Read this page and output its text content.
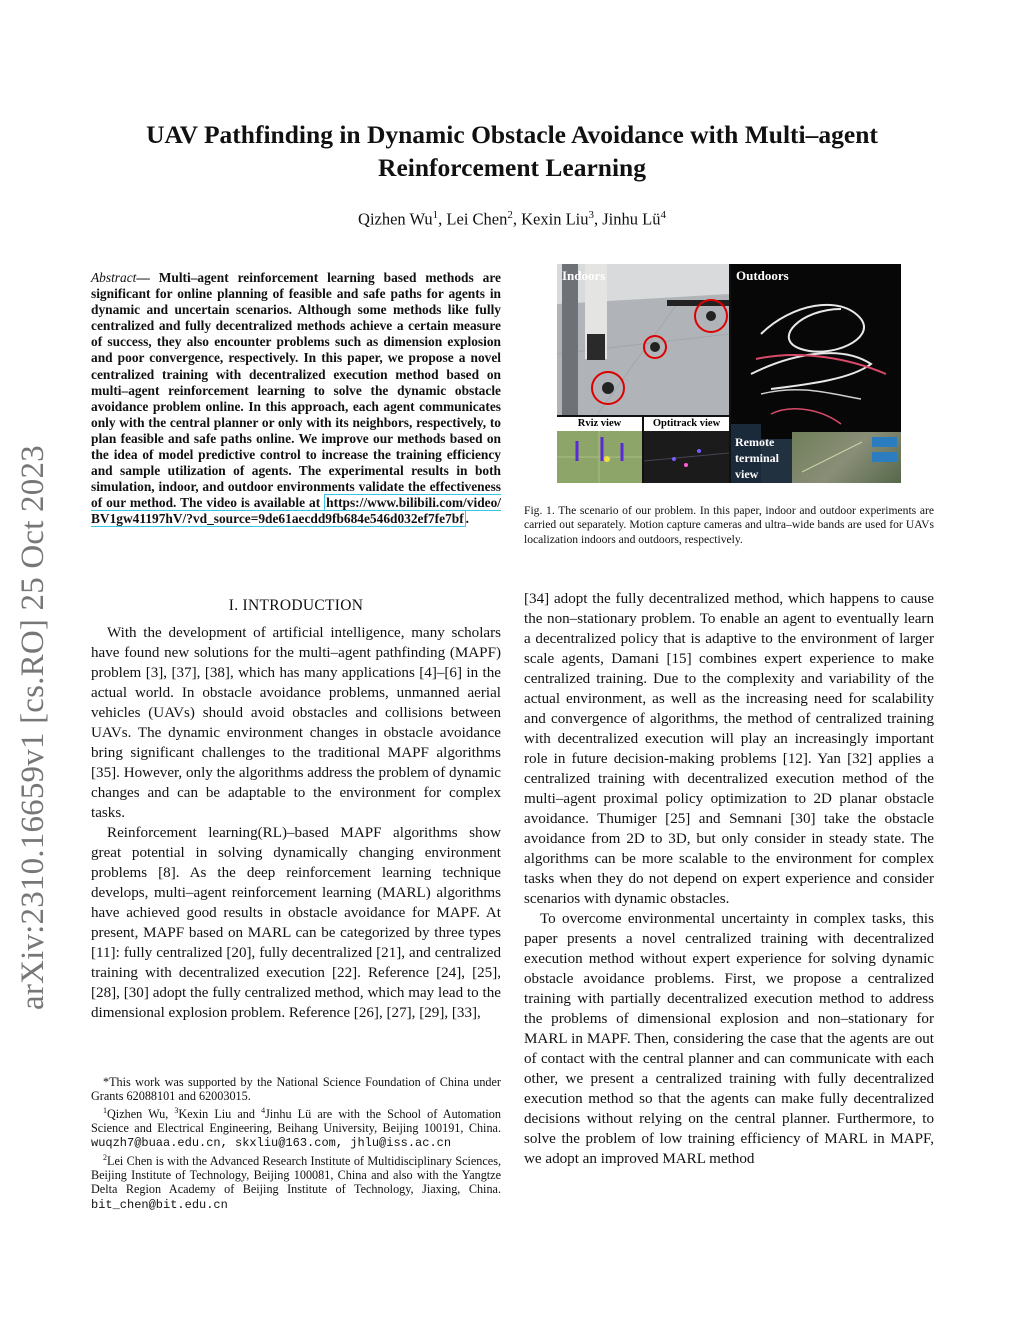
arXiv:2310.16659v1 [cs.RO] 25 Oct 2023
UAV Pathfinding in Dynamic Obstacle Avoidance with Multi–agent
Reinforcement Learning
Qizhen Wu$^1$, Lei Chen$^2$, Kexin Liu$^3$, Jinhu $Lü^4$
Abstract— Multi–agent reinforcement learning based methods are significant for online planning of feasible and safe paths for agents in dynamic and uncertain scenarios. Although some methods like fully centralized and fully decentralized methods achieve a certain measure of success, they also encounter problems such as dimension explosion and poor convergence, respectively. In this paper, we propose a novel centralized training with decentralized execution method based on multi–agent reinforcement learning to solve the dynamic obstacle avoidance problem online. In this approach, each agent communicates only with the central planner or only with its neighbors, respectively, to plan feasible and safe paths online. We improve our methods based on the idea of model predictive control to increase the training efficiency and sample utilization of agents. The experimental results in both simulation, indoor, and outdoor environments validate the effectiveness of our method. The video is available at https://www.bilibili.com/video/BV1gw41197hV/?vd_source=9de61aecdd9fb684e546d032ef7fe7bf .
I. INTRODUCTION

With the development of artificial intelligence, many scholars have found new solutions for the multi–agent pathfinding (MAPF) problem [3], [37], [38], which has many applications [4]–[6] in the actual world. In obstacle avoidance problems, unmanned aerial vehicles (UAVs) should avoid obstacles and collisions between UAVs. The dynamic environment changes in obstacle avoidance bring significant challenges to the traditional MAPF algorithms [35]. However, only the algorithms address the problem of dynamic changes and can be adaptable to the environment for complex tasks.

Reinforcement learning(RL)–based MAPF algorithms show great potential in solving dynamically changing environment problems [8]. As the deep reinforcement learning technique develops, multi–agent reinforcement learning (MARL) algorithms have achieved good results in obstacle avoidance for MAPF. At present, MAPF based on MARL can be categorized by three types [11]: fully centralized [20], fully decentralized [21], and centralized training with decentralized execution [22]. Reference [24], [25], [28], [30] adopt the fully centralized method, which may lead to the dimensional explosion problem. Reference [26], [27], [29], [33],

*This work was supported by the National Science Foundation of China under Grants 62088101 and 62003015.

$^1$Qizhen Wu, $^3$Kexin Liu and $^4$Jinhu Lü are with the School of Automation Science and Electrical Engineering, Beihang University, Beijing 100191, China. wuqzh7@buaa.edu.cn, skxliu@163.com, jhlu@iss.ac.cn

$^2$Lei Chen is with the Advanced Research Institute of Multidisciplinary Sciences, Beijing Institute of Technology, Beijing 100081, China and also with the Yangtze Delta Region Academy of Beijing Institute of Technology, Jiaxing, China. bit_chen@bit.edu.cn

Indoors	Outdoors
Remote terminal view
Rviz view	Optitrack view
Fig. 1. The scenario of our problem. In this paper, indoor and outdoor experiments are carried out separately. Motion capture cameras and ultra–wide bands are used for UAVs localization indoors and outdoors, respectively.

[34] adopt the fully decentralized method, which happens to cause the non–stationary problem. To enable an agent to eventually learn a decentralized policy that is adaptive to the environment of larger scale agents, Damani [15] combines expert experience to make centralized training. Due to the complexity and variability of the actual environment, as well as the increasing need for scalability and convergence of algorithms, the method of centralized training with decentralized execution will play an increasingly important role in future decision-making problems [12]. Yan [32] applies a centralized training with decentralized execution method of the multi–agent proximal policy optimization to 2D planar obstacle avoidance. Thumiger [25] and Semnani [30] take the obstacle avoidance from 2D to 3D, but only consider in steady state. The algorithms can be more scalable to the environment for complex tasks when they do not depend on expert experience and consider scenarios with dynamic obstacles.

To overcome environmental uncertainty in complex tasks, this paper presents a novel centralized training with decentralized execution method without expert experience for solving dynamic obstacle avoidance problems. First, we propose a centralized training with partially decentralized execution method to address the problems of dimensional explosion and non–stationary for MARL in MAPF. Then, considering the case that the agents are out of contact with the central planner and can communicate with each other, we present a centralized training with fully decentralized execution method so that the agents can make fully decentralized decisions without relying on the central planner. Furthermore, to solve the problem of low training efficiency of MARL in MAPF, we adopt an improved MARL method
